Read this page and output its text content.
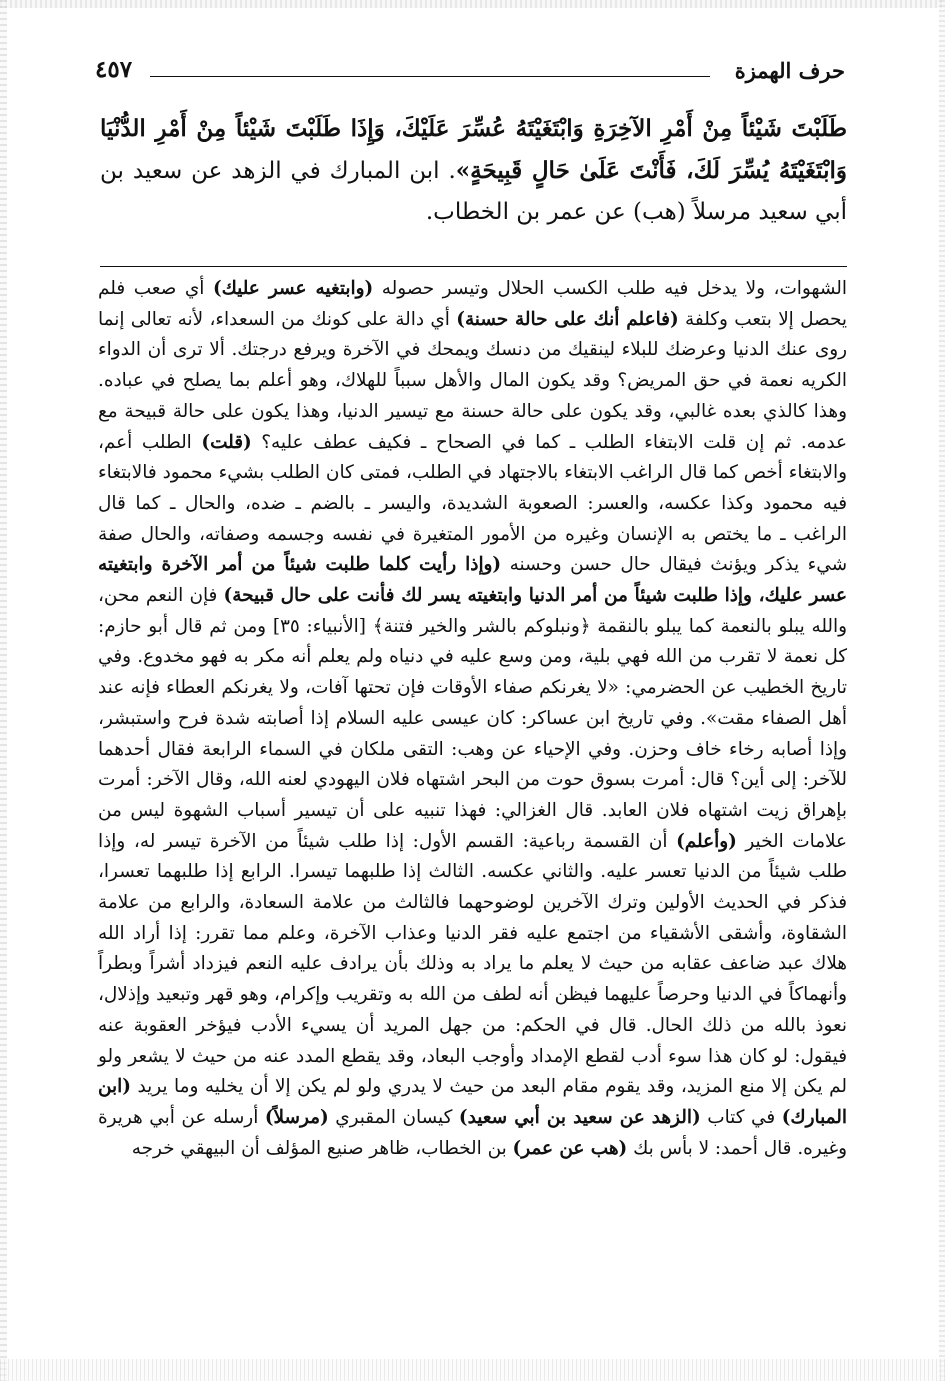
حرف الهمزة
٤٥٧
طَلَبْتَ شَيْئاً مِنْ أَمْرِ الآخِرَةِ وَابْتَغَيْتَهُ عُسِّرَ عَلَيْكَ، وَإِذَا طَلَبْتَ شَيْئاً مِنْ أَمْرِ الدُّنْيَا وَابْتَغَيْتَهُ يُسِّرَ لَكَ، فَأَنْتَ عَلَىٰ حَالٍ قَبِيحَةٍ». ابن المبارك في الزهد عن سعيد بن أبي سعيد مرسلاً (هب) عن عمر بن الخطاب.
الشهوات، ولا يدخل فيه طلب الكسب الحلال وتيسر حصوله (وابتغيه عسر عليك) أي صعب فلم يحصل إلا بتعب وكلفة (فاعلم أنك على حالة حسنة) أي دالة على كونك من السعداء، لأنه تعالى إنما روى عنك الدنيا وعرضك للبلاء لينقيك من دنسك ويمحك في الآخرة ويرفع درجتك. ألا ترى أن الدواء الكريه نعمة في حق المريض؟ وقد يكون المال والأهل سبباً للهلاك، وهو أعلم بما يصلح في عباده. وهذا كالذي بعده غالبي، وقد يكون على حالة حسنة مع تيسير الدنيا، وهذا يكون على حالة قبيحة مع عدمه. ثم إن قلت الابتغاء الطلب ـ كما في الصحاح ـ فكيف عطف عليه؟ (قلت) الطلب أعم، والابتغاء أخص كما قال الراغب الابتغاء بالاجتهاد في الطلب، فمتى كان الطلب بشيء محمود فالابتغاء فيه محمود وكذا عكسه، والعسر: الصعوبة الشديدة، واليسر ـ بالضم ـ ضده، والحال ـ كما قال الراغب ـ ما يختص به الإنسان وغيره من الأمور المتغيرة في نفسه وجسمه وصفاته، والحال صفة شيء يذكر ويؤنث فيقال حال حسن وحسنه (وإذا رأيت كلما طلبت شيئاً من أمر الآخرة وابتغيته عسر عليك، وإذا طلبت شيئاً من أمر الدنيا وابتغيته يسر لك فأنت على حال قبيحة) فإن النعم محن، والله يبلو بالنعمة كما يبلو بالنقمة ﴿ونبلوكم بالشر والخير فتنة﴾ [الأنبياء: ٣٥] ومن ثم قال أبو حازم: كل نعمة لا تقرب من الله فهي بلية، ومن وسع عليه في دنياه ولم يعلم أنه مكر به فهو مخدوع. وفي تاريخ الخطيب عن الحضرمي: «لا يغرنكم صفاء الأوقات فإن تحتها آفات، ولا يغرنكم العطاء فإنه عند أهل الصفاء مقت». وفي تاريخ ابن عساكر: كان عيسى عليه السلام إذا أصابته شدة فرح واستبشر، وإذا أصابه رخاء خاف وحزن. وفي الإحياء عن وهب: التقى ملكان في السماء الرابعة فقال أحدهما للآخر: إلى أين؟ قال: أمرت بسوق حوت من البحر اشتهاه فلان اليهودي لعنه الله، وقال الآخر: أمرت بإهراق زيت اشتهاه فلان العابد. قال الغزالي: فهذا تنبيه على أن تيسير أسباب الشهوة ليس من علامات الخير (وأعلم) أن القسمة رباعية: القسم الأول: إذا طلب شيئاً من الآخرة تيسر له، وإذا طلب شيئاً من الدنيا تعسر عليه. والثاني عكسه. الثالث إذا طلبهما تيسرا. الرابع إذا طلبهما تعسرا، فذكر في الحديث الأولين وترك الآخرين لوضوحهما فالثالث من علامة السعادة، والرابع من علامة الشقاوة، وأشقى الأشقياء من اجتمع عليه فقر الدنيا وعذاب الآخرة، وعلم مما تقرر: إذا أراد الله هلاك عبد ضاعف عقابه من حيث لا يعلم ما يراد به وذلك بأن يرادف عليه النعم فيزداد أشراً وبطراً وأنهماكاً في الدنيا وحرصاً عليهما فيظن أنه لطف من الله به وتقريب وإكرام، وهو قهر وتبعيد وإذلال، نعوذ بالله من ذلك الحال. قال في الحكم: من جهل المريد أن يسيء الأدب فيؤخر العقوبة عنه فيقول: لو كان هذا سوء أدب لقطع الإمداد وأوجب البعاد، وقد يقطع المدد عنه من حيث لا يشعر ولو لم يكن إلا منع المزيد، وقد يقوم مقام البعد من حيث لا يدري ولو لم يكن إلا أن يخليه وما يريد (ابن المبارك) في كتاب (الزهد عن سعيد بن أبي سعيد) كيسان المقبري (مرسلاً) أرسله عن أبي هريرة وغيره. قال أحمد: لا بأس بك (هب عن عمر) بن الخطاب، ظاهر صنيع المؤلف أن البيهقي خرجه
